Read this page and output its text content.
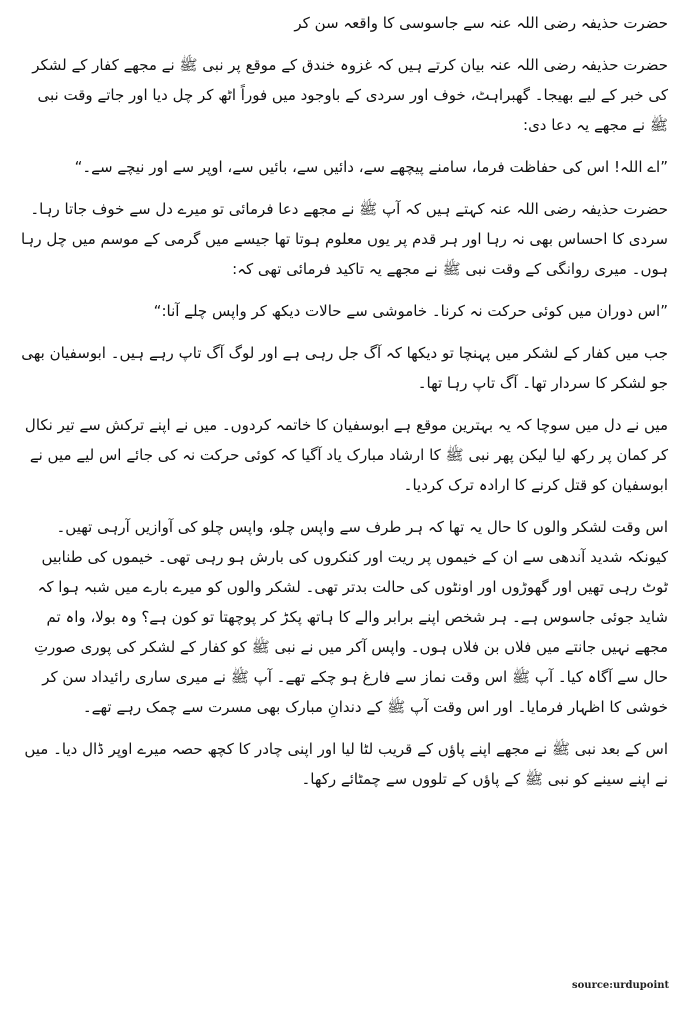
حضرت حذیفہ رضی اللہ عنہ سے جاسوسی کا واقعہ سن کر

حضرت حذیفہ رضی اللہ عنہ بیان کرتے ہیں کہ غزوہ خندق کے موقع پر نبی ﷺ نے مجھے کفار کے لشکر کی خبر کے لیے بھیجا۔ گھبراہٹ، خوف اور سردی کے باوجود میں فوراً اٹھ کر چل دیا اور جاتے وقت نبی ﷺ نے مجھے یہ دعا دی:

”اے اللہ! اس کی حفاظت فرما، سامنے پیچھے سے، دائیں سے، بائیں سے، اوپر سے اور نیچے سے۔“

حضرت حذیفہ رضی اللہ عنہ کہتے ہیں کہ آپ ﷺ نے مجھے دعا فرمائی تو میرے دل سے خوف جاتا رہا۔ سردی کا احساس بھی نہ رہا اور ہر قدم پر یوں معلوم ہوتا تھا جیسے میں گرمی کے موسم میں چل رہا ہوں۔ میری روانگی کے وقت نبی ﷺ نے مجھے یہ تاکید فرمائی تھی کہ:

”اس دوران میں کوئی حرکت نہ کرنا۔ خاموشی سے حالات دیکھ کر واپس چلے آنا:“

جب میں کفار کے لشکر میں پہنچا تو دیکھا کہ آگ جل رہی ہے اور لوگ آگ تاپ رہے ہیں۔ ابوسفیان بھی جو لشکر کا سردار تھا۔ آگ تاپ رہا تھا۔

میں نے دل میں سوچا کہ یہ بہترین موقع ہے ابوسفیان کا خاتمہ کردوں۔ میں نے اپنے ترکش سے تیر نکال کر کمان پر رکھ لیا لیکن پھر نبی ﷺ کا ارشاد مبارک یاد آگیا کہ کوئی حرکت نہ کی جائے اس لیے میں نے ابوسفیان کو قتل کرنے کا ارادہ ترک کردیا۔

اس وقت لشکر والوں کا حال یہ تھا کہ ہر طرف سے واپس چلو، واپس چلو کی آوازیں آرہی تھیں۔ کیونکہ شدید آندھی سے ان کے خیموں پر ریت اور کنکروں کی بارش ہو رہی تھی۔ خیموں کی طنابیں ٹوٹ رہی تھیں اور گھوڑوں اور اونٹوں کی حالت بدتر تھی۔ لشکر والوں کو میرے بارے میں شبہ ہوا کہ شاید جوئی جاسوس ہے۔ ہر شخص اپنے برابر والے کا ہاتھ پکڑ کر پوچھتا تو کون ہے؟ وہ بولا، واہ تم مجھے نہیں جانتے میں فلاں بن فلاں ہوں۔ واپس آکر میں نے نبی ﷺ کو کفار کے لشکر کی پوری صورتِ حال سے آگاہ کیا۔ آپ ﷺ اس وقت نماز سے فارغ ہو چکے تھے۔ آپ ﷺ نے میری ساری رائیداد سن کر خوشی کا اظہار فرمایا۔ اور اس وقت آپ ﷺ کے دندانِ مبارک بھی مسرت سے چمک رہے تھے۔

اس کے بعد نبی ﷺ نے مجھے اپنے پاؤں کے قریب لٹا لیا اور اپنی چادر کا کچھ حصہ میرے اوپر ڈال دیا۔ میں نے اپنے سینے کو نبی ﷺ کے پاؤں کے تلووں سے چمٹائے رکھا۔

source:urdupoint
